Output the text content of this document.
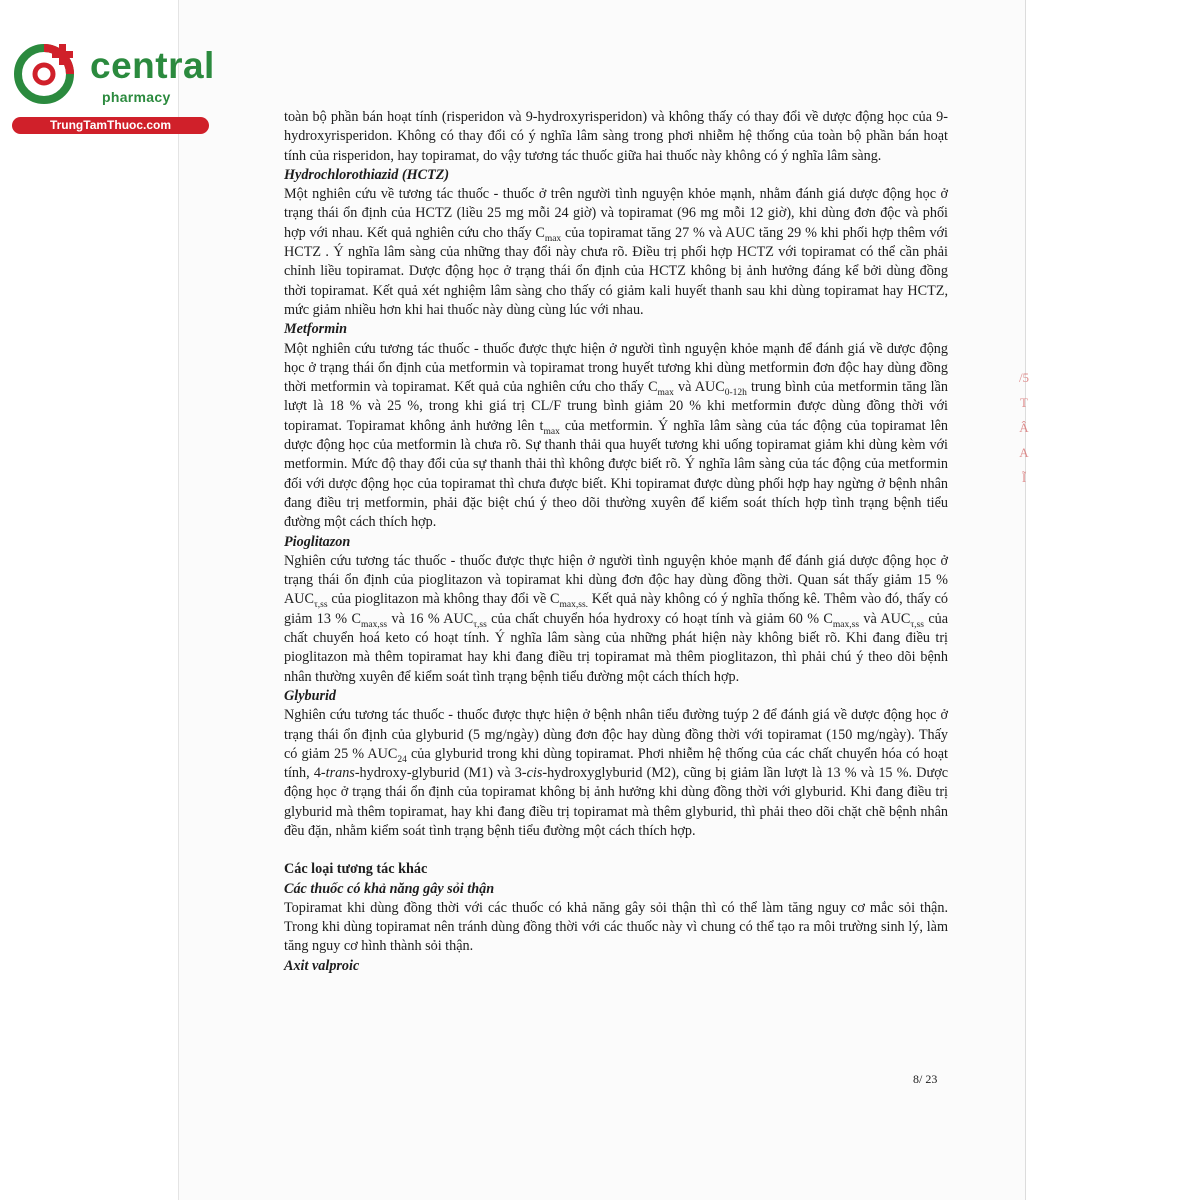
central
pharmacy
TrungTamThuoc.com	toàn bộ phần bán hoạt tính (risperidon và 9-hydroxyrisperidon) và không thấy có thay đổi về dược động học của 9-hydroxyrisperidon. Không có thay đổi có ý nghĩa lâm sàng trong phơi nhiễm hệ thống của toàn bộ phần bán hoạt tính của risperidon, hay topiramat, do vậy tương tác thuốc giữa hai thuốc này không có ý nghĩa lâm sàng.

Hydrochlorothiazid (HCTZ)

Một nghiên cứu về tương tác thuốc - thuốc ở trên người tình nguyện khỏe mạnh, nhằm đánh giá dược động học ở trạng thái ổn định của HCTZ (liều 25 mg mỗi 24 giờ) và topiramat (96 mg mỗi 12 giờ), khi dùng đơn độc và phối hợp với nhau. Kết quả nghiên cứu cho thấy $C_{max}$ của topiramat tăng 27 % và AUC tăng 29 % khi phối hợp thêm với HCTZ . Ý nghĩa lâm sàng của những thay đổi này chưa rõ. Điều trị phối hợp HCTZ với topiramat có thể cần phải chỉnh liều topiramat. Dược động học ở trạng thái ổn định của HCTZ không bị ảnh hưởng đáng kể bởi dùng đồng thời topiramat. Kết quả xét nghiệm lâm sàng cho thấy có giảm kali huyết thanh sau khi dùng topiramat hay HCTZ, mức giảm nhiều hơn khi hai thuốc này dùng cùng lúc với nhau.

Metformin

Một nghiên cứu tương tác thuốc - thuốc được thực hiện ở người tình nguyện khỏe mạnh để đánh giá về dược động học ở trạng thái ổn định của metformin và topiramat trong huyết tương khi dùng metformin đơn độc hay dùng đồng thời metformin và topiramat. Kết quả của nghiên cứu cho thấy $C_{max}$ và $AUC_{0-12h}$ trung bình của metformin tăng lần lượt là 18 % và 25 %, trong khi giá trị CL/F trung bình giảm 20 % khi metformin được dùng đồng thời với topiramat. Topiramat không ảnh hưởng lên $t_{max}$ của metformin. Ý nghĩa lâm sàng của tác động của topiramat lên dược động học của metformin là chưa rõ. Sự thanh thải qua huyết tương khi uống topiramat giảm khi dùng kèm với metformin. Mức độ thay đổi của sự thanh thải thì không được biết rõ. Ý nghĩa lâm sàng của tác động của metformin đối với dược động học của topiramat thì chưa được biết. Khi topiramat được dùng phối hợp hay ngừng ở bệnh nhân đang điều trị metformin, phải đặc biệt chú ý theo dõi thường xuyên để kiểm soát thích hợp tình trạng bệnh tiểu đường một cách thích hợp.

Pioglitazon

Nghiên cứu tương tác thuốc - thuốc được thực hiện ở người tình nguyện khỏe mạnh để đánh giá dược động học ở trạng thái ổn định của pioglitazon và topiramat khi dùng đơn độc hay dùng đồng thời. Quan sát thấy giảm 15 % $AUC_{\tau,ss}$ của pioglitazon mà không thay đổi về $C_{max,ss.}$ Kết quả này không có ý nghĩa thống kê. Thêm vào đó, thấy có giảm 13 % $C_{max,ss}$ và 16 % $AUC_{\tau,ss}$ của chất chuyển hóa hydroxy có hoạt tính và giảm 60 % $C_{max,ss}$ và $AUC_{\tau,ss}$ của chất chuyển hoá keto có hoạt tính. Ý nghĩa lâm sàng của những phát hiện này không biết rõ. Khi đang điều trị pioglitazon mà thêm topiramat hay khi đang điều trị topiramat mà thêm pioglitazon, thì phải chú ý theo dõi bệnh nhân thường xuyên để kiểm soát tình trạng bệnh tiểu đường một cách thích hợp.

Glyburid

Nghiên cứu tương tác thuốc - thuốc được thực hiện ở bệnh nhân tiểu đường tuýp 2 để đánh giá về dược động học ở trạng thái ổn định của glyburid (5 mg/ngày) dùng đơn độc hay dùng đồng thời với topiramat (150 mg/ngày). Thấy có giảm 25 % $AUC_{24}$ của glyburid trong khi dùng topiramat. Phơi nhiễm hệ thống của các chất chuyển hóa có hoạt tính, 4-trans-hydroxy-glyburid (M1) và 3-cis-hydroxyglyburid (M2), cũng bị giảm lần lượt là 13 % và 15 %. Dược động học ở trạng thái ổn định của topiramat không bị ảnh hưởng khi dùng đồng thời với glyburid. Khi đang điều trị glyburid mà thêm topiramat, hay khi đang điều trị topiramat mà thêm glyburid, thì phải theo dõi chặt chẽ bệnh nhân đều đặn, nhằm kiểm soát tình trạng bệnh tiểu đường một cách thích hợp.

Các loại tương tác khác
Các thuốc có khả năng gây sỏi thận

Topiramat khi dùng đồng thời với các thuốc có khả năng gây sỏi thận thì có thể làm tăng nguy cơ mắc sỏi thận. Trong khi dùng topiramat nên tránh dùng đồng thời với các thuốc này vì chung có thể tạo ra môi trường sinh lý, làm tăng nguy cơ hình thành sỏi thận.

Axit valproic
8/ 23
/5
T
Â
A
Ĩ
